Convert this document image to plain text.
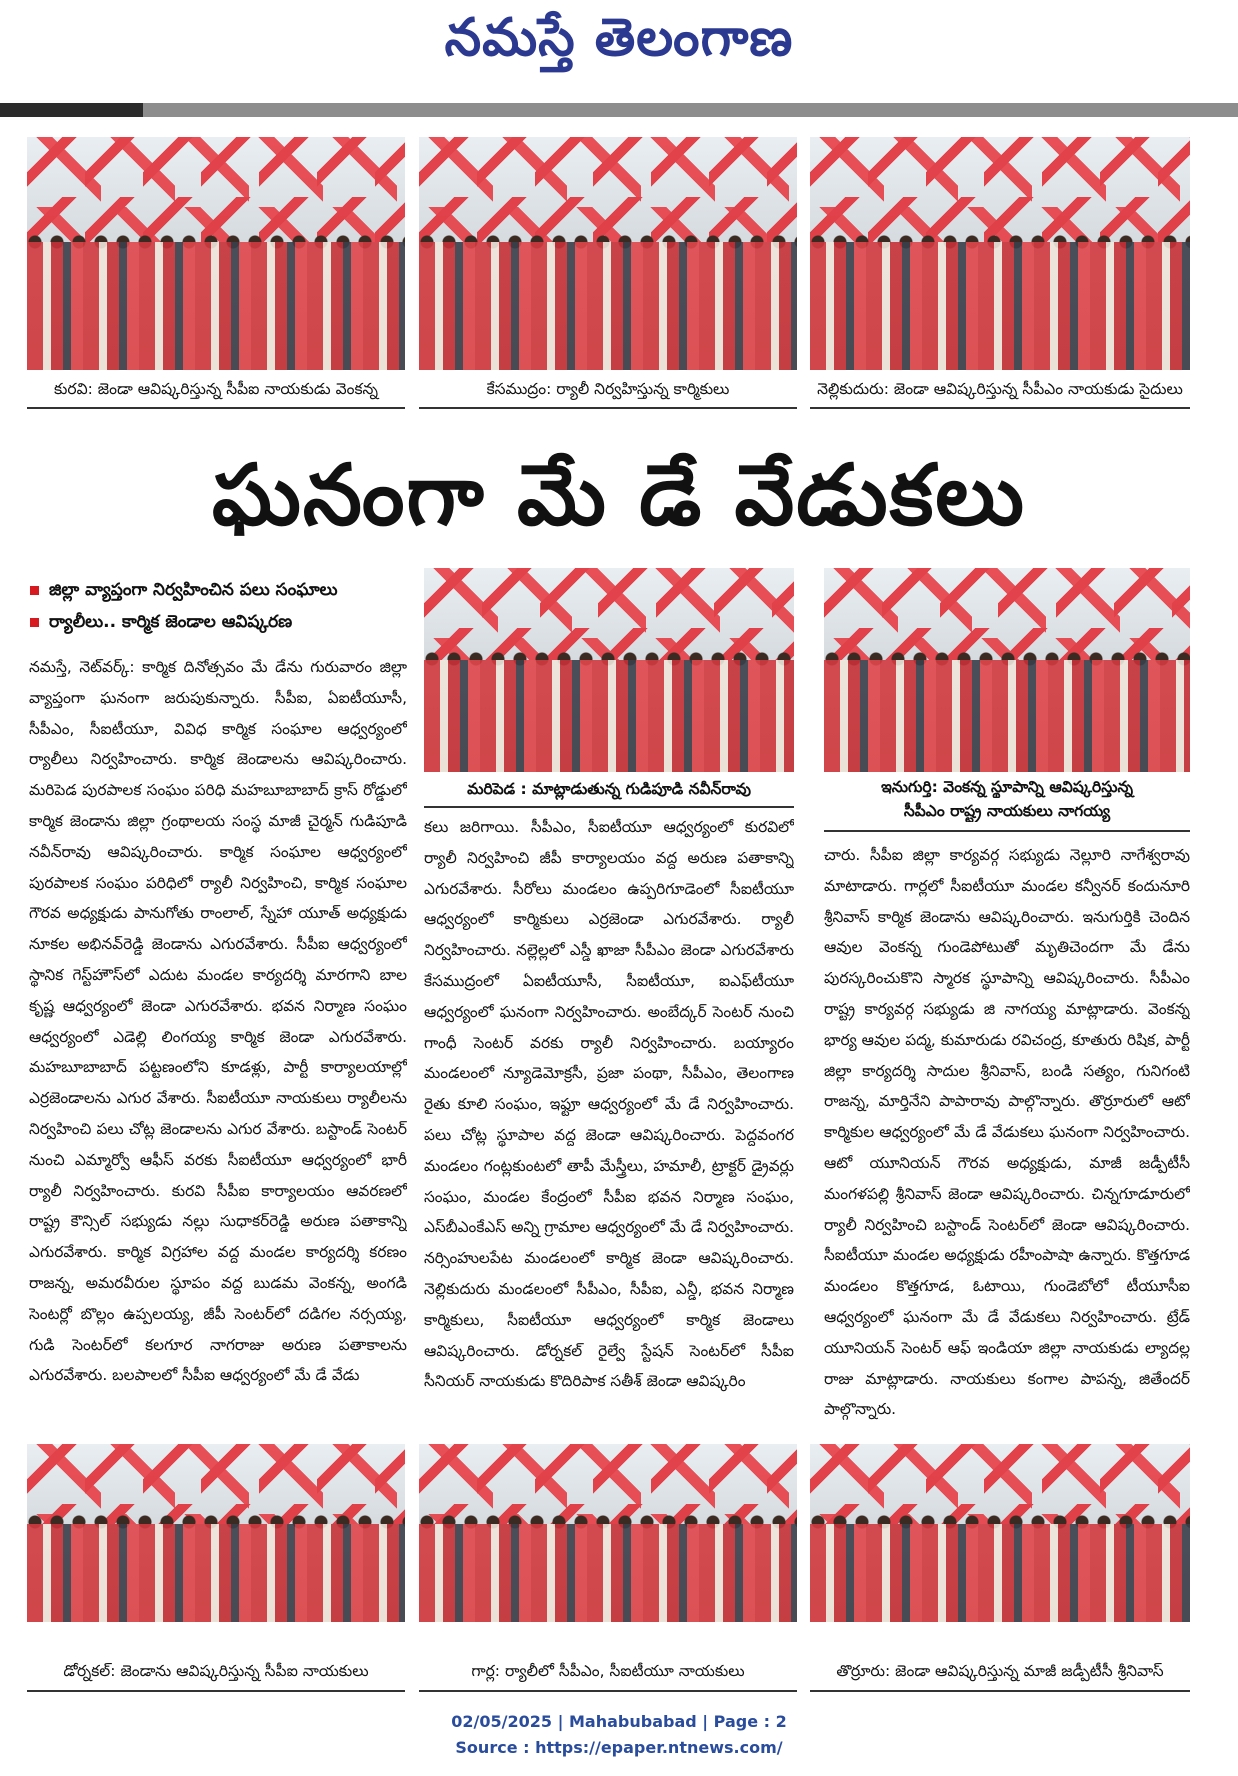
నమస్తే తెలంగాణ
కురవి: జెండా ఆవిష్కరిస్తున్న సీపీఐ నాయకుడు వెంకన్న	కేసముద్రం: ర్యాలీ నిర్వహిస్తున్న కార్మికులు	నెల్లికుదురు: జెండా ఆవిష్కరిస్తున్న సీపీఎం నాయకుడు సైదులు
ఘనంగా మే డే వేడుకలు
జిల్లా వ్యాప్తంగా నిర్వహించిన పలు సంఘాలు
ర్యాలీలు.. కార్మిక జెండాల ఆవిష్కరణ
మరిపెడ : మాట్లాడుతున్న గుడిపూడి నవీన్‌రావు	ఇనుగుర్తి: వెంకన్న స్థూపాన్ని ఆవిష్కరిస్తున్న
సీపీఎం రాష్ట్ర నాయకులు నాగయ్య

నమస్తే, నెట్‌వర్క్: కార్మిక దినోత్సవం మే డేను గురువారం జిల్లా వ్యాప్తంగా ఘనంగా జరుపుకున్నారు. సీపీఐ, ఏఐటీయూసీ, సీపీఎం, సీఐటీయూ, వివిధ కార్మిక సంఘాల ఆధ్వర్యంలో ర్యాలీలు నిర్వహించారు. కార్మిక జెండాలను ఆవిష్కరించారు. మరిపెడ పురపాలక సంఘం పరిధి మహబూబాబాద్ క్రాస్ రోడ్డులో కార్మిక జెండాను జిల్లా గ్రంథాలయ సంస్థ మాజీ చైర్మన్ గుడిపూడి నవీన్‌రావు ఆవిష్కరించారు. కార్మిక సంఘాల ఆధ్వర్యంలో పురపాలక సంఘం పరిధిలో ర్యాలీ నిర్వహించి, కార్మిక సంఘాల గౌరవ అధ్యక్షుడు పానుగోతు రాంలాల్, స్నేహా యూత్ అధ్యక్షుడు నూకల అభినవ్‌రెడ్డి జెండాను ఎగురవేశారు. సీపీఐ ఆధ్వర్యంలో స్థానిక గెస్ట్‌హౌస్‌లో ఎదుట మండల కార్యదర్శి మారగాని బాల కృష్ణ ఆధ్వర్యంలో జెండా ఎగురవేశారు. భవన నిర్మాణ సంఘం ఆధ్వర్యంలో ఎడెల్లి లింగయ్య కార్మిక జెండా ఎగురవేశారు. మహబూబాబాద్ పట్టణంలోని కూడళ్లు, పార్టీ కార్యాలయాల్లో ఎర్రజెండాలను ఎగుర వేశారు. సీఐటీయూ నాయకులు ర్యాలీలను నిర్వహించి పలు చోట్ల జెండాలను ఎగుర వేశారు. బస్టాండ్ సెంటర్ నుంచి ఎమ్మార్వో ఆఫీస్ వరకు సీఐటీయూ ఆధ్వర్యంలో భారీ ర్యాలీ నిర్వహించారు. కురవి సీపీఐ కార్యాలయం ఆవరణలో రాష్ట్ర కౌన్సిల్ సభ్యుడు నల్లు సుధాకర్‌రెడ్డి అరుణ పతాకాన్ని ఎగురవేశారు. కార్మిక విగ్రహాల వద్ద మండల కార్యదర్శి కరణం రాజన్న, అమరవీరుల స్థూపం వద్ద బుడమ వెంకన్న, అంగడి సెంటర్లో బొల్లం ఉప్పలయ్య, జీపీ సెంటర్‌లో దడిగల నర్సయ్య, గుడి సెంటర్‌లో కలగూర నాగరాజు అరుణ పతాకాలను ఎగురవేశారు. బలపాలలో సీపీఐ ఆధ్వర్యంలో మే డే వేడు

కలు జరిగాయి. సీపీఎం, సీఐటీయూ ఆధ్వర్యంలో కురవిలో ర్యాలీ నిర్వహించి జీపీ కార్యాలయం వద్ద అరుణ పతాకాన్ని ఎగురవేశారు. సీరోలు మండలం ఉప్పరిగూడెంలో సీఐటీయూ ఆధ్వర్యంలో కార్మికులు ఎర్రజెండా ఎగురవేశారు. ర్యాలీ నిర్వహించారు. నల్లెల్లలో ఎస్డీ ఖాజా సీపీఎం జెండా ఎగురవేశారు కేసముద్రంలో ఏఐటీయూసీ, సీఐటీయూ, ఐఎఫ్‌టీయూ ఆధ్వర్యంలో ఘనంగా నిర్వహించారు. అంబేద్కర్ సెంటర్ నుంచి గాంధీ సెంటర్ వరకు ర్యాలీ నిర్వహించారు. బయ్యారం మండలంలో న్యూడెమోక్రసీ, ప్రజా పంథా, సీపీఎం, తెలంగాణ రైతు కూలి సంఘం, ఇఫ్టూ ఆధ్వర్యంలో మే డే నిర్వహించారు. పలు చోట్ల స్థూపాల వద్ద జెండా ఆవిష్కరించారు. పెద్దవంగర మండలం గంట్లకుంటలో తాపీ మేస్త్రీలు, హమాలీ, ట్రాక్టర్ డ్రైవర్లు సంఘం, మండల కేంద్రంలో సీపీఐ భవన నిర్మాణ సంఘం, ఎస్‌బీఎంకేఎస్ అన్ని గ్రామాల ఆధ్వర్యంలో మే డే నిర్వహించారు. నర్సింహులపేట మండలంలో కార్మిక జెండా ఆవిష్కరించారు. నెల్లికుదురు మండలంలో సీపీఎం, సీపీఐ, ఎన్డీ, భవన నిర్మాణ కార్మికులు, సీఐటీయూ ఆధ్వర్యంలో కార్మిక జెండాలు ఆవిష్కరించారు. డోర్నకల్ రైల్వే స్టేషన్ సెంటర్‌లో సీపీఐ సీనియర్ నాయకుడు కొదిరిపాక సతీశ్ జెండా ఆవిష్కరిం

చారు. సీపీఐ జిల్లా కార్యవర్గ సభ్యుడు నెల్లూరి నాగేశ్వరావు మాటాడారు. గార్లలో సీఐటీయూ మండల కన్వీనర్ కందునూరి శ్రీనివాస్ కార్మిక జెండాను ఆవిష్కరించారు. ఇనుగుర్తికి చెందిన ఆవుల వెంకన్న గుండెపోటుతో మృతిచెందగా మే డేను పురస్కరించుకొని స్మారక స్థూపాన్ని ఆవిష్కరించారు. సీపీఎం రాష్ట్ర కార్యవర్గ సభ్యుడు జి నాగయ్య మాట్లాడారు. వెంకన్న భార్య ఆవుల పద్మ, కుమారుడు రవిచంద్ర, కూతురు రిషిక, పార్టీ జిల్లా కార్యదర్శి సాదుల శ్రీనివాస్, బండి సత్యం, గునిగంటి రాజన్న, మార్తినేని పాపారావు పాల్గొన్నారు. తొర్రూరులో ఆటో కార్మికుల ఆధ్వర్యంలో మే డే వేడుకలు ఘనంగా నిర్వహించారు. ఆటో యూనియన్ గౌరవ అధ్యక్షుడు, మాజీ జడ్పీటీసీ మంగళపల్లి శ్రీనివాస్ జెండా ఆవిష్కరించారు. చిన్నగూడూరులో ర్యాలీ నిర్వహించి బస్టాండ్ సెంటర్‌లో జెండా ఆవిష్కరించారు. సీఐటీయూ మండల అధ్యక్షుడు రహీంపాషా ఉన్నారు. కొత్తగూడ మండలం కొత్తగూడ, ఓటాయి, గుండెబోలో టీయూసీఐ ఆధ్వర్యంలో ఘనంగా మే డే వేడుకలు నిర్వహించారు. ట్రేడ్ యూనియన్ సెంటర్ ఆఫ్ ఇండియా జిల్లా నాయకుడు ల్యాదల్ల రాజు మాట్లాడారు. నాయకులు కంగాల పాపన్న, జితేందర్ పాల్గొన్నారు.

డోర్నకల్: జెండాను ఆవిష్కరిస్తున్న సీపీఐ నాయకులు	గార్ల: ర్యాలీలో సీపీఎం, సీఐటీయూ నాయకులు	తొర్రూరు: జెండా ఆవిష్కరిస్తున్న మాజీ జడ్పీటీసీ శ్రీనివాస్
02/05/2025 | Mahabubabad | Page : 2
Source : https://epaper.ntnews.com/
